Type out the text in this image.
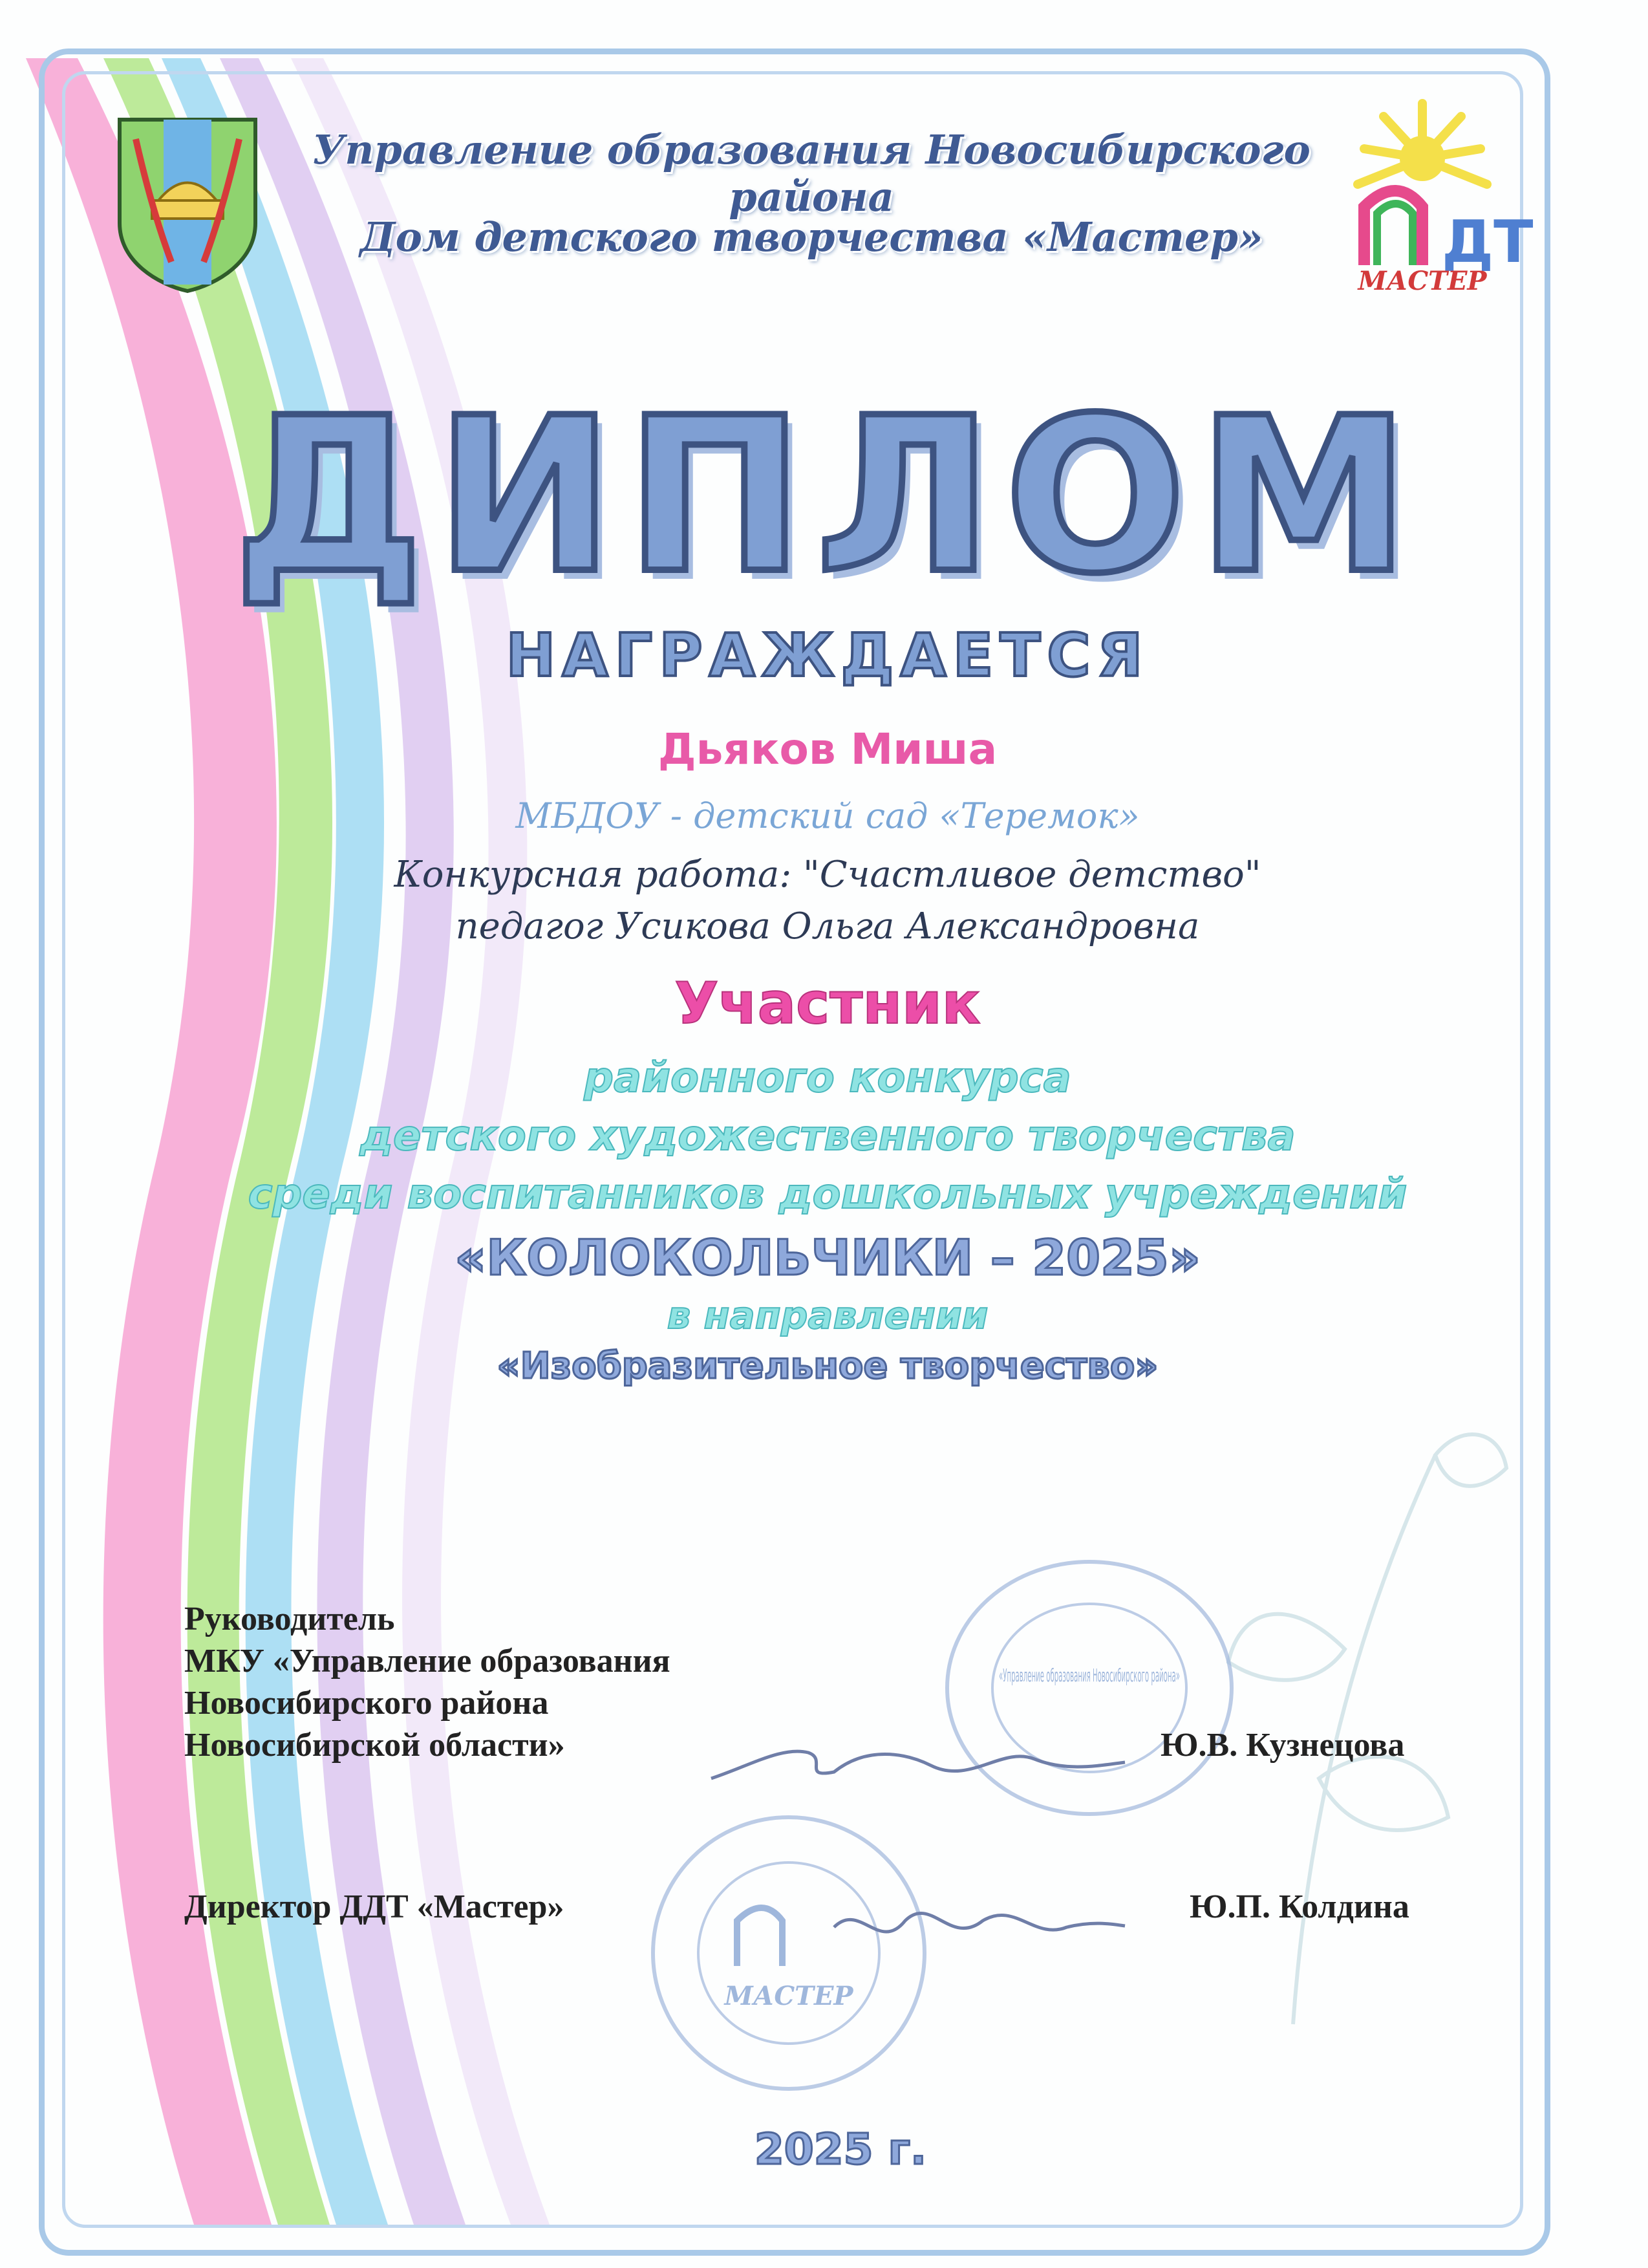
ДТ
МАСТЕР
Управление образования Новосибирского района
Дом детского творчества «Мастер»
ДИПЛОМ
НАГРАЖДАЕТСЯ
Дьяков Миша
МБДОУ - детский сад «Теремок»
Конкурсная работа: "Счастливое детство"
педагог Усикова Ольга Александровна
Участник
районного конкурса
детского художественного творчества
среди воспитанников дошкольных учреждений
«КОЛОКОЛЬЧИКИ – 2025»
в направлении
«Изобразительное творчество»
«Управление образования Новосибирского района»
МАСТЕР
Руководитель
МКУ «Управление образования
Новосибирского района
Новосибирской области»	Ю.В. Кузнецова
Директор ДДТ «Мастер»	Ю.П. Колдина
2025 г.
